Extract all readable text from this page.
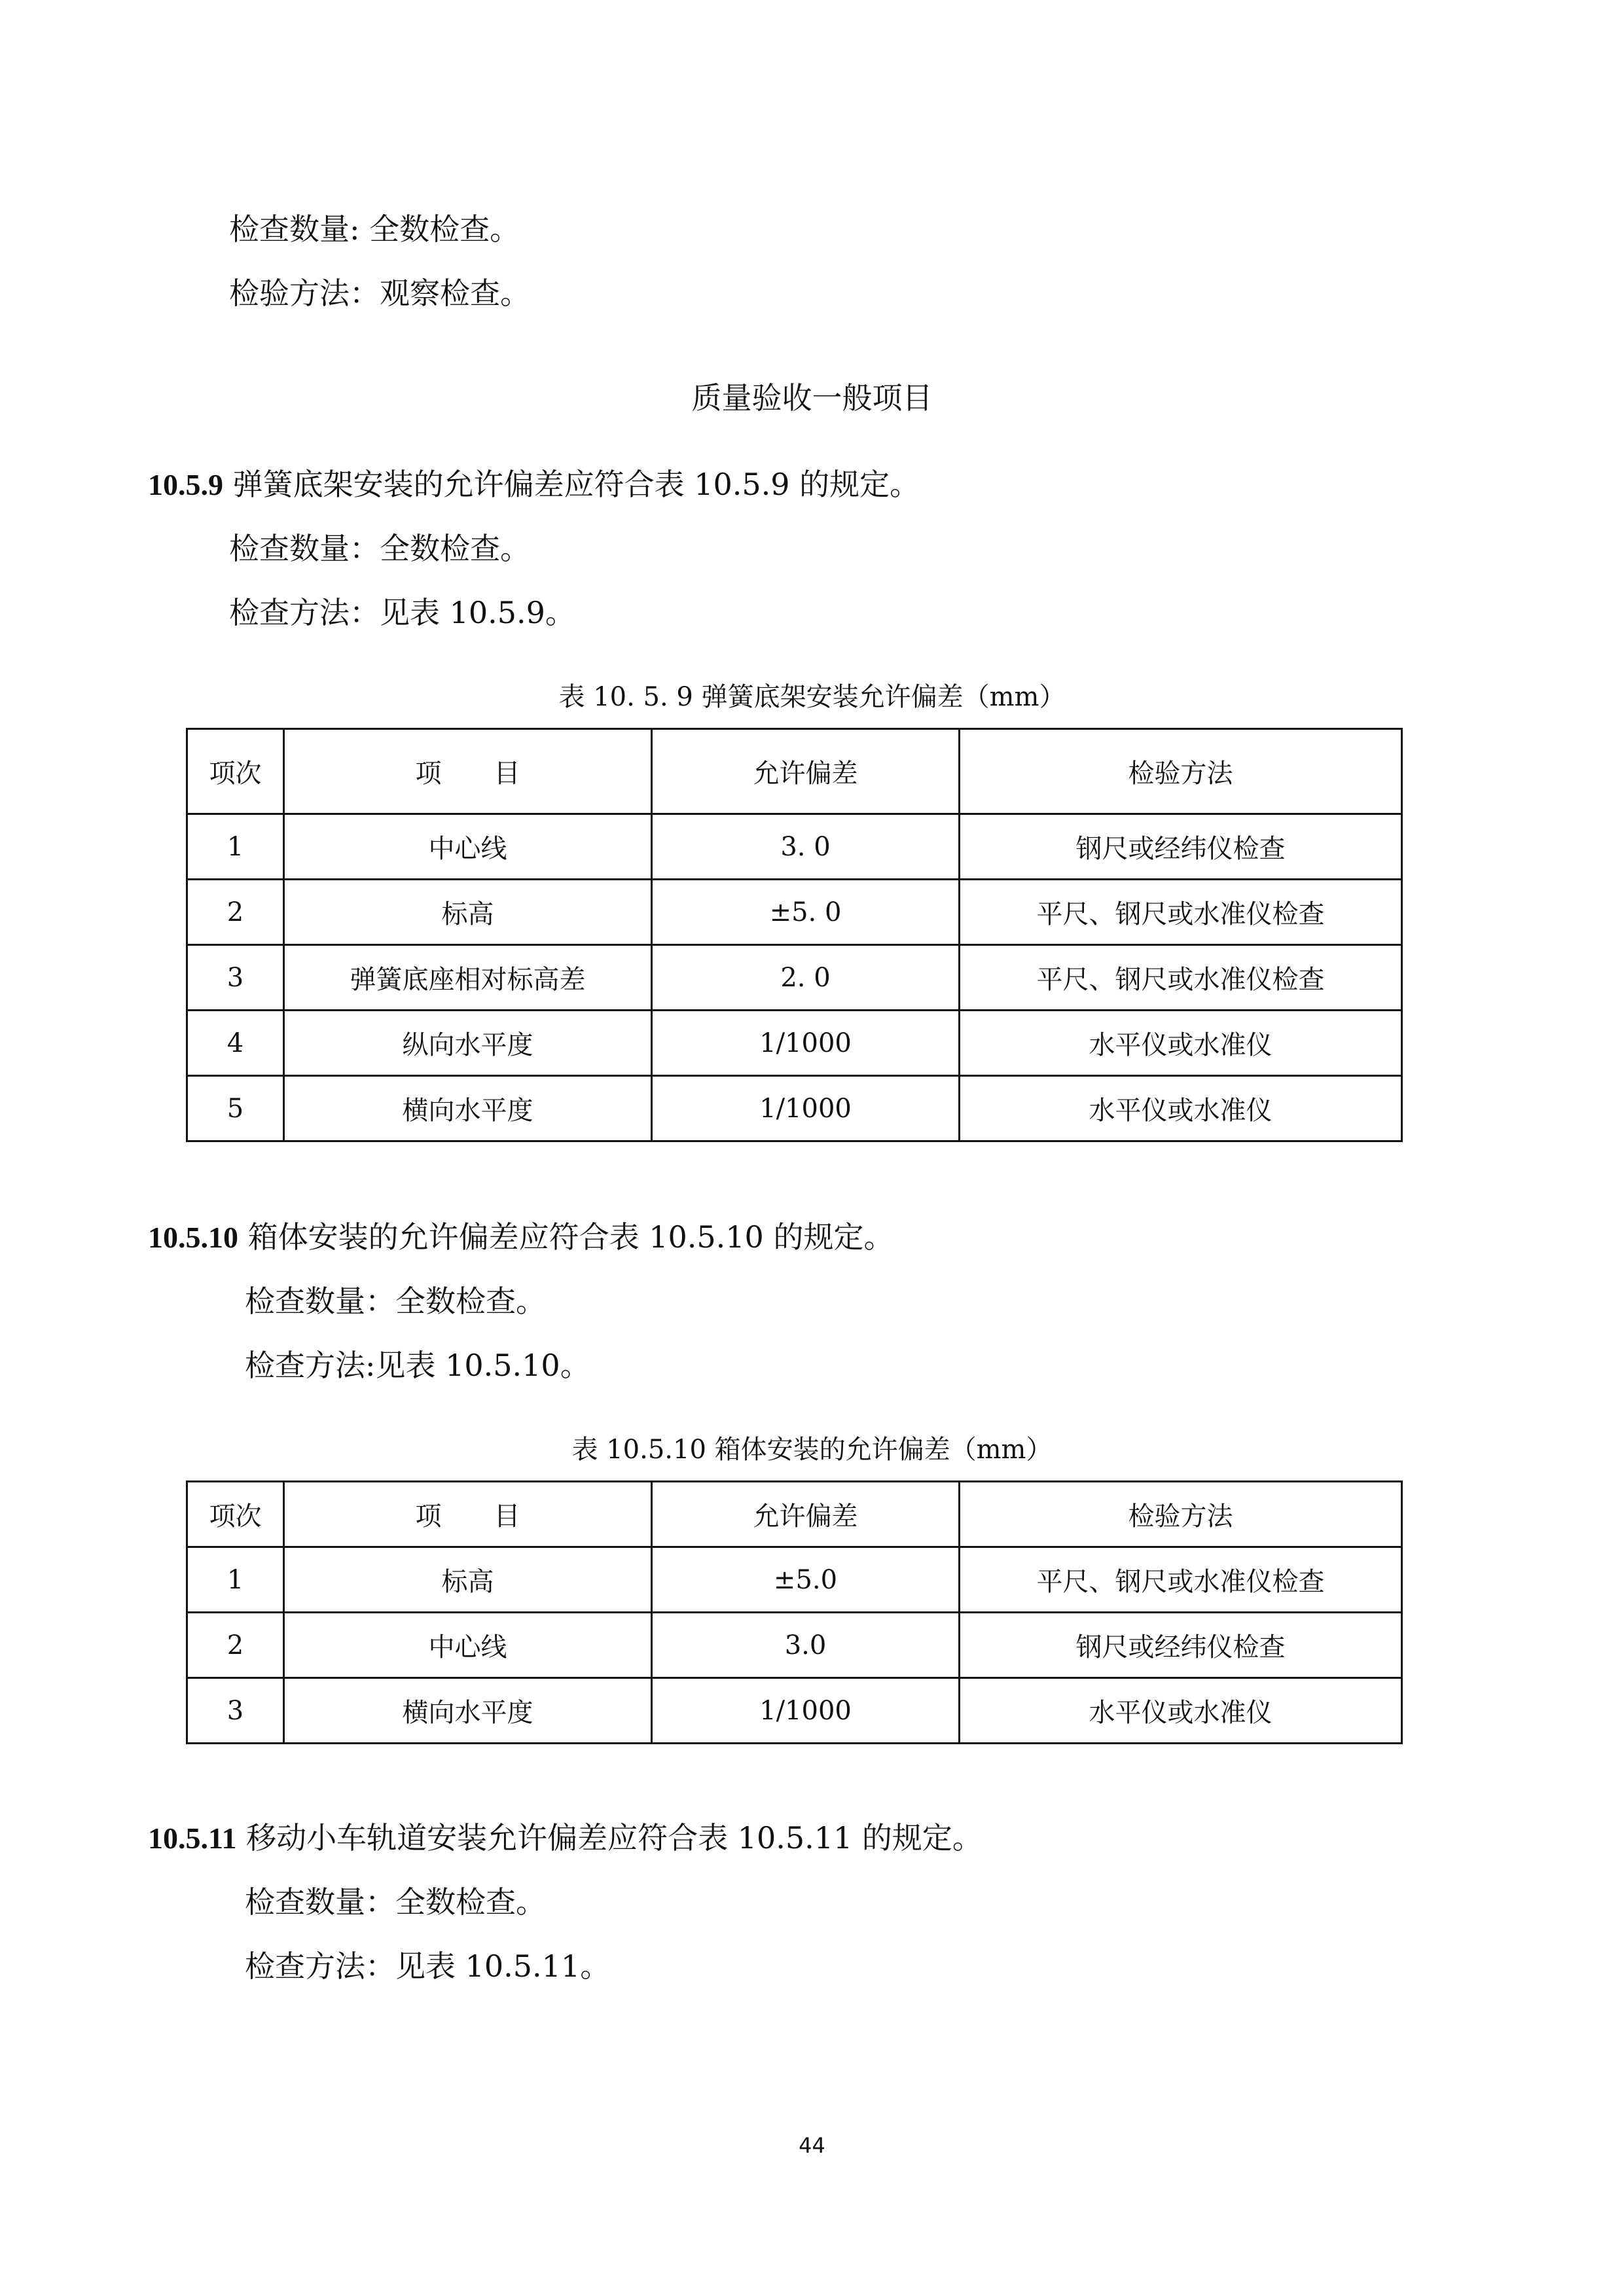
检查数量: 全数检查。
检验方法：观察检查。
质量验收一般项目
10.5.9 弹簧底架安装的允许偏差应符合表 10.5.9 的规定。
检查数量：全数检查。
检查方法：见表 10.5.9。
表 10. 5. 9 弹簧底架安装允许偏差（mm）
项次	项　　目	允许偏差	检验方法
1	中心线	3. 0	钢尺或经纬仪检查
2	标高	±5. 0	平尺、钢尺或水准仪检查
3	弹簧底座相对标高差	2. 0	平尺、钢尺或水准仪检查
4	纵向水平度	1/1000	水平仪或水准仪
5	横向水平度	1/1000	水平仪或水准仪
10.5.10 箱体安装的允许偏差应符合表 10.5.10 的规定。
检查数量：全数检查。
检查方法:见表 10.5.10。
表 10.5.10 箱体安装的允许偏差（mm）
项次	项　　目	允许偏差	检验方法
1	标高	±5.0	平尺、钢尺或水准仪检查
2	中心线	3.0	钢尺或经纬仪检查
3	横向水平度	1/1000	水平仪或水准仪
10.5.11 移动小车轨道安装允许偏差应符合表 10.5.11 的规定。
检查数量：全数检查。
检查方法：见表 10.5.11。
44
